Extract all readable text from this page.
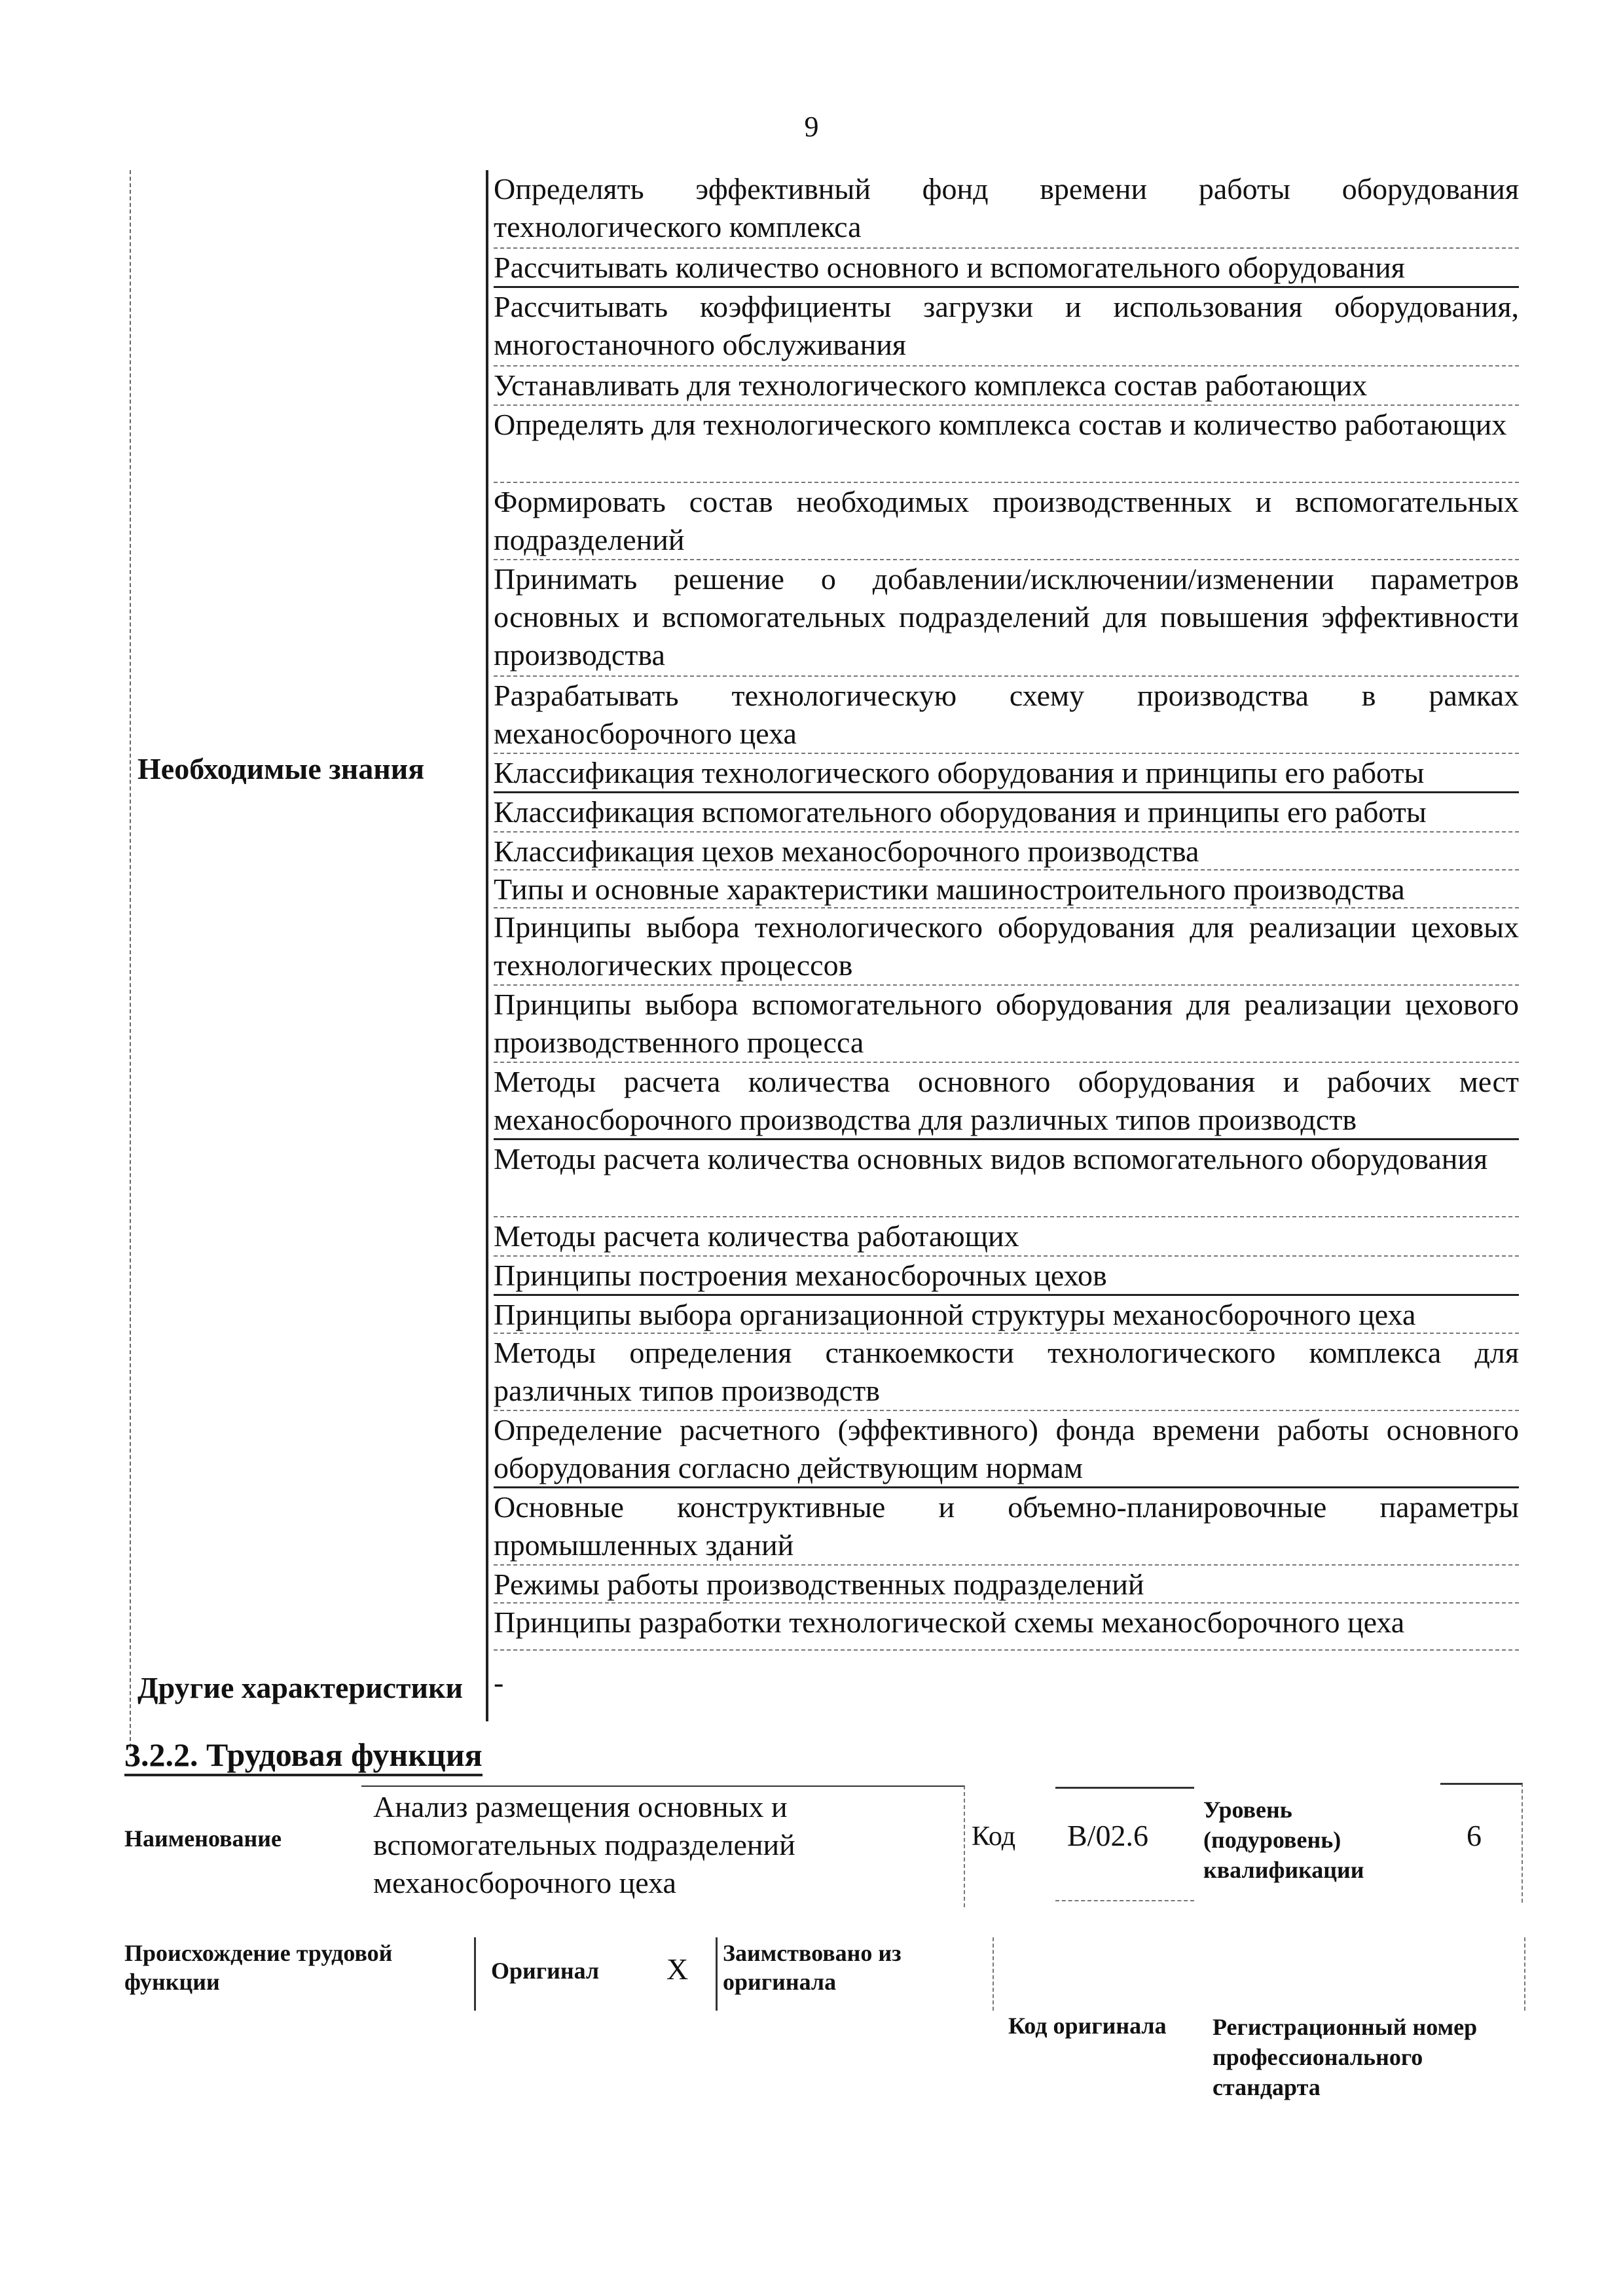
9
Необходимые знания
Другие характеристики
Определять эффективный фонд времени работы оборудования технологического комплекса
Рассчитывать количество основного и вспомогательного оборудования
Рассчитывать коэффициенты загрузки и использования оборудования, многостаночного обслуживания
Устанавливать для технологического комплекса состав работающих
Определять для технологического комплекса состав и количество работающих
Формировать состав необходимых производственных и вспомогательных подразделений
Принимать решение о добавлении/исключении/изменении параметров основных и вспомогательных подразделений для повышения эффективности производства
Разрабатывать технологическую схему производства в рамках механосборочного цеха
Классификация технологического оборудования и принципы его работы
Классификация вспомогательного оборудования и принципы его работы
Классификация цехов механосборочного производства
Типы и основные характеристики машиностроительного производства
Принципы выбора технологического оборудования для реализации цеховых технологических процессов
Принципы выбора вспомогательного оборудования для реализации цехового производственного процесса
Методы расчета количества основного оборудования и рабочих мест механосборочного производства для различных типов производств
Методы расчета количества основных видов вспомогательного оборудования
Методы расчета количества работающих
Принципы построения механосборочных цехов
Принципы выбора организационной структуры механосборочного цеха
Методы определения станкоемкости технологического комплекса для различных типов производств
Определение расчетного (эффективного) фонда времени работы основного оборудования согласно действующим нормам
Основные конструктивные и объемно-планировочные параметры промышленных зданий
Режимы работы производственных подразделений
Принципы разработки технологической схемы механосборочного цеха
-
3.2.2. Трудовая функция
Наименование
Анализ размещения основных и вспомогательных подразделений механосборочного цеха
Код В/02.6
Уровень (подуровень) квалификации
6
Происхождение трудовой функции	Оригинал Х Заимствовано из оригинала
Код оригинала Регистрационный номер профессионального стандарта
